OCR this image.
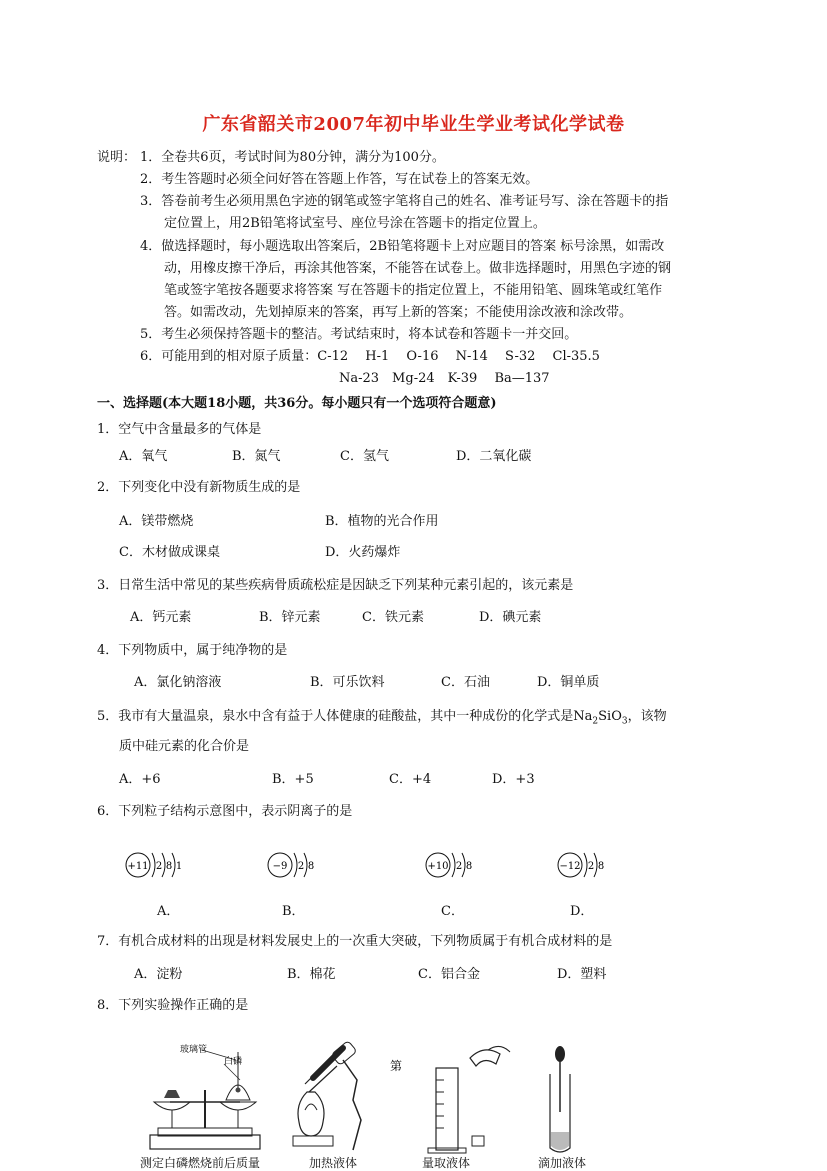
广东省韶关市2007年初中毕业生学业考试化学试卷
说明： 1．全卷共6页，考试时间为80分钟，满分为100分。
2．考生答题时必须全问好答在答题上作答，写在试卷上的答案无效。
3．答卷前考生必须用黑色字迹的钢笔或签字笔将自己的姓名、准考证号写、涂在答题卡的指
定位置上，用2B铅笔将试室号、座位号涂在答题卡的指定位置上。
4．做选择题时，每小题选取出答案后，2B铅笔将题卡上对应题目的答案 标号涂黑，如需改
动，用橡皮擦干净后，再涂其他答案，不能答在试卷上。做非选择题时，用黑色字迹的钢
笔或签字笔按各题要求将答案 写在答题卡的指定位置上，不能用铅笔、圆珠笔或红笔作
答。如需改动，先划掉原来的答案，再写上新的答案；不能使用涂改液和涂改带。
5．考生必须保持答题卡的整洁。考试结束时，将本试卷和答题卡一并交回。
6．可能用到的相对原子质量：C-12　 H-1　 O-16　 N-14　 S-32　 Cl-35.5
Na-23　Mg-24　K-39　 Ba—137
一、选择题(本大题18小题，共36分。每小题只有一个选项符合题意)
1．空气中含量最多的气体是
A．氧气	B．氮气	C．氢气	D．二氧化碳
2．下列变化中没有新物质生成的是
A．镁带燃烧	B．植物的光合作用
C．木材做成课桌	D．火药爆炸
3．日常生活中常见的某些疾病骨质疏松症是因缺乏下列某种元素引起的，该元素是
A．钙元素	B．锌元素	C．铁元素	D．碘元素
4．下列物质中，属于纯净物的是
A．氯化钠溶液	B．可乐饮料	C．石油	D．铜单质
5．我市有大量温泉，泉水中含有益于人体健康的硅酸盐，其中一种成份的化学式是$Na_2SiO_3$，该物
质中硅元素的化合价是
A．+6	B．+5	C．+4	D．+3
6．下列粒子结构示意图中，表示阴离子的是
+11 2 8 1	−9 2 8	+10 2 8	−12 2 8
A．	B．	C．	D．
7．有机合成材料的出现是材料发展史上的一次重大突破，下列物质属于有机合成材料的是
A．淀粉	B．棉花	C．铝合金	D．塑料
8．下列实验操作正确的是
玻璃管
白磷	第
测定白磷燃烧前后质量	加热液体	量取液体	滴加液体
